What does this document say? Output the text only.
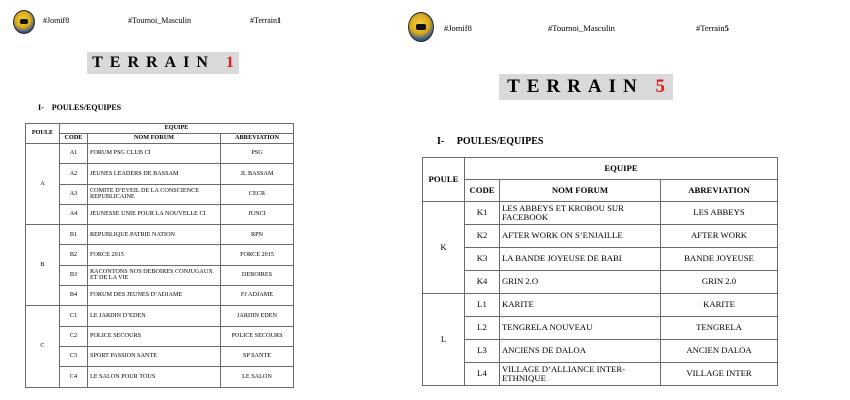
#Jomif8	#Tournoi_Masculin	#Terrain1
TERRAIN
1
I- POULES/EQUIPES
POULE	EQUIPE		
	CODE	NOM FORUM	ABREVIATION
A	A1	FORUM PSG CLUB CI	PSG
	A2	JEUNES LEADERS DE BASSAM	JL BASSAM
	A3	COMITE D’EVEIL DE LA CONSCIENCE REPUBLICAINE	CECR
	A4	JEUNESSE UNIE POUR LA NOUVELLE CI	JUNCI
B	B1	REPUBLIQUE PATRIE NATION	RPN
	B2	FORCE 2015	FORCE 2015
	B3	RACONTONS NOS DEBOIRES CONJUGAUX ET DE LA VIE	DEBOIRES
	B4	FORUM DES JEUNES D’ADJAME	FJ ADJAME
C	C1	LE JARDIN D’EDEN	JARDIN EDEN
	C2	POLICE SECOURS	POLICE SECOURS
	C3	SPORT PASSION SANTE	SP SANTE
	C4	LE SALON POUR TOUS	LE SALON
#Jomif8	#Tournoi_Masculin	#Terrain5
TERRAIN
5
I- POULES/EQUIPES
POULE	EQUIPE		
	CODE	NOM FORUM	ABREVIATION
K	K1	LES ABBEYS ET KROBOU SUR FACEBOOK	LES ABBEYS
	K2	AFTER WORK ON S’ENJAILLE	AFTER WORK
	K3	LA BANDE JOYEUSE DE BABI	BANDE JOYEUSE
	K4	GRIN 2.O	GRIN 2.0
L	L1	KARITE	KARITE
	L2	TENGRELA NOUVEAU	TENGRELA
	L3	ANCIENS DE DALOA	ANCIEN DALOA
	L4	VILLAGE D’ALLIANCE INTER-ETHNIQUE	VILLAGE INTER
